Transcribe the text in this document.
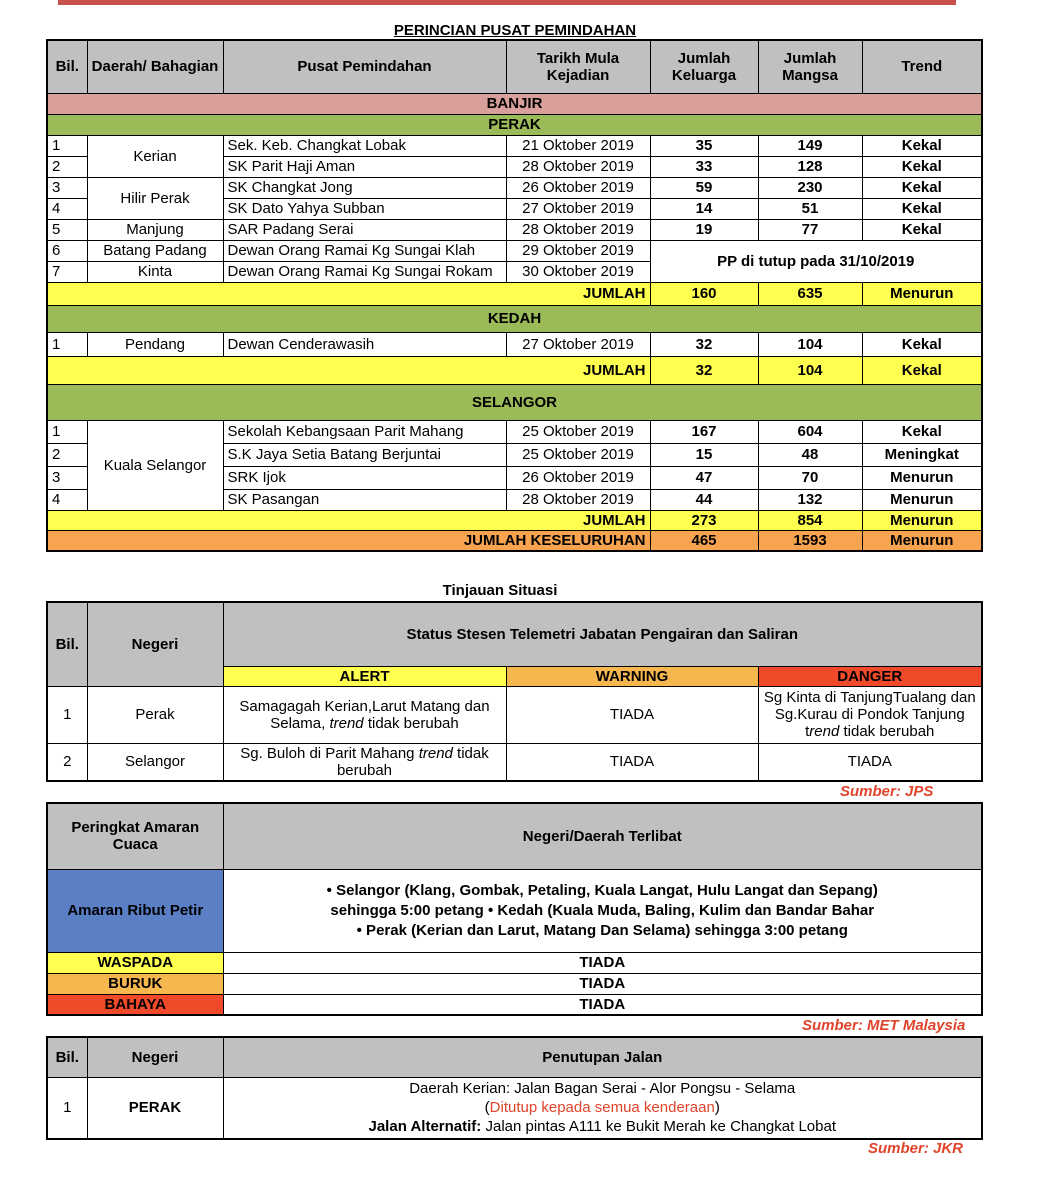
PERINCIAN PUSAT PEMINDAHAN
Bil.	Daerah/ Bahagian	Pusat Pemindahan	Tarikh Mula Kejadian	Jumlah Keluarga	Jumlah Mangsa	Trend
BANJIR						
PERAK						
1	Kerian	Sek. Keb. Changkat Lobak	21 Oktober 2019	35	149	Kekal
2		SK Parit Haji Aman	28 Oktober 2019	33	128	Kekal
3	Hilir Perak	SK Changkat Jong	26 Oktober 2019	59	230	Kekal
4		SK Dato Yahya Subban	27 Oktober 2019	14	51	Kekal
5	Manjung	SAR Padang Serai	28 Oktober 2019	19	77	Kekal
6	Batang Padang	Dewan Orang Ramai Kg Sungai Klah	29 Oktober 2019	PP di tutup pada 31/10/2019		
7	Kinta	Dewan Orang Ramai Kg Sungai Rokam	30 Oktober 2019			
JUMLAH				160	635	Menurun
KEDAH						
1	Pendang	Dewan Cenderawasih	27 Oktober 2019	32	104	Kekal
JUMLAH				32	104	Kekal
SELANGOR						
1	Kuala Selangor	Sekolah Kebangsaan Parit Mahang	25 Oktober 2019	167	604	Kekal
2		S.K Jaya Setia Batang Berjuntai	25 Oktober 2019	15	48	Meningkat
3		SRK Ijok	26 Oktober 2019	47	70	Menurun
4		SK Pasangan	28 Oktober 2019	44	132	Menurun
JUMLAH				273	854	Menurun
JUMLAH KESELURUHAN				465	1593	Menurun
Tinjauan Situasi
Bil.	Negeri	Status Stesen Telemetri Jabatan Pengairan dan Saliran		
		ALERT	WARNING	DANGER
1	Perak	Samagagah Kerian,Larut Matang dan Selama, trend tidak berubah	TIADA	Sg Kinta di TanjungTualang dan Sg.Kurau di Pondok Tanjung trend tidak berubah
2	Selangor	Sg. Buloh di Parit Mahang trend tidak berubah	TIADA	TIADA
Sumber: JPS
Peringkat Amaran Cuaca	Negeri/Daerah Terlibat
Amaran Ribut Petir	• Selangor (Klang, Gombak, Petaling, Kuala Langat, Hulu Langat dan Sepang)
sehingga 5:00 petang • Kedah (Kuala Muda, Baling, Kulim dan Bandar Bahar
• Perak (Kerian dan Larut, Matang Dan Selama) sehingga 3:00 petang

WASPADA	TIADA
BURUK	TIADA
BAHAYA	TIADA
Sumber: MET Malaysia
Bil.	Negeri	Penutupan Jalan
1	PERAK	Daerah Kerian: Jalan Bagan Serai - Alor Pongsu - Selama
(Ditutup kepada semua kenderaan)
Jalan Alternatif: Jalan pintas A111 ke Bukit Merah ke Changkat Lobat
Sumber: JKR
